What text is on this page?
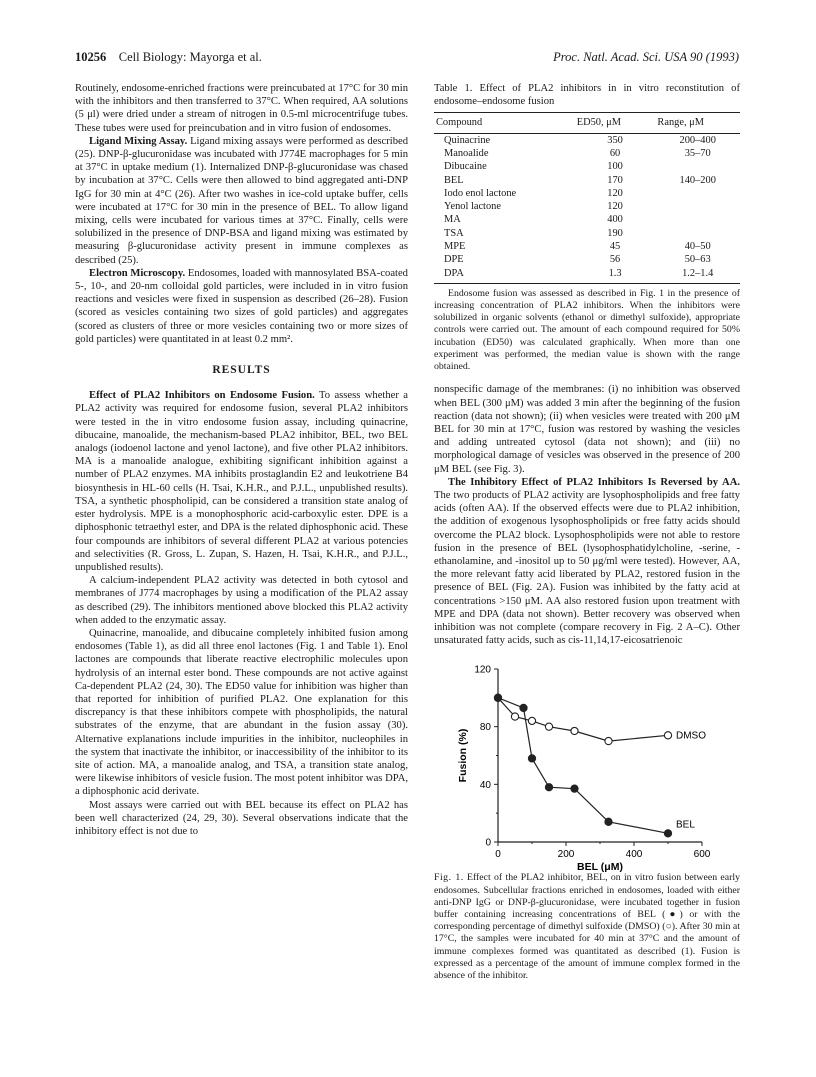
10256 Cell Biology: Mayorga et al.	Proc. Natl. Acad. Sci. USA 90 (1993)

Routinely, endosome-enriched fractions were preincubated at 17°C for 30 min with the inhibitors and then transferred to 37°C. When required, AA solutions (5 μl) were dried under a stream of nitrogen in 0.5-ml microcentrifuge tubes. These tubes were used for preincubation and in vitro fusion of endosomes.

Ligand Mixing Assay. Ligand mixing assays were performed as described (25). DNP-β-glucuronidase was incubated with J774E macrophages for 5 min at 37°C in uptake medium (1). Internalized DNP-β-glucuronidase was chased by incubation at 37°C. Cells were then allowed to bind aggregated anti-DNP IgG for 30 min at 4°C (26). After two washes in ice-cold uptake buffer, cells were incubated at 17°C for 30 min in the presence of BEL. To allow ligand mixing, cells were incubated for various times at 37°C. Finally, cells were solubilized in the presence of DNP-BSA and ligand mixing was estimated by measuring β-glucuronidase activity present in immune complexes as described (25).

Electron Microscopy. Endosomes, loaded with mannosylated BSA-coated 5-, 10-, and 20-nm colloidal gold particles, were included in in vitro fusion reactions and vesicles were fixed in suspension as described (26–28). Fusion (scored as vesicles containing two sizes of gold particles) and aggregates (scored as clusters of three or more vesicles containing two or more sizes of gold particles) were quantitated in at least 0.2 mm².

RESULTS

Effect of PLA2 Inhibitors on Endosome Fusion. To assess whether a PLA2 activity was required for endosome fusion, several PLA2 inhibitors were tested in the in vitro endosome fusion assay, including quinacrine, dibucaine, manoalide, the mechanism-based PLA2 inhibitor, BEL, two BEL analogs (iodoenol lactone and yenol lactone), and five other PLA2 inhibitors. MA is a manoalide analogue, exhibiting significant inhibition against a number of PLA2 enzymes. MA inhibits prostaglandin E2 and leukotriene B4 biosynthesis in HL-60 cells (H. Tsai, K.H.R., and P.J.L., unpublished results). TSA, a synthetic phospholipid, can be considered a transition state analog of ester hydrolysis. MPE is a monophosphoric acid-carboxylic ester. DPE is a diphosphonic tetraethyl ester, and DPA is the related diphosphonic acid. These four compounds are inhibitors of several different PLA2 at various potencies and selectivities (R. Gross, L. Zupan, S. Hazen, H. Tsai, K.H.R., and P.J.L., unpublished results).

A calcium-independent PLA2 activity was detected in both cytosol and membranes of J774 macrophages by using a modification of the PLA2 assay as described (29). The inhibitors mentioned above blocked this PLA2 activity when added to the enzymatic assay.

Quinacrine, manoalide, and dibucaine completely inhibited fusion among endosomes (Table 1), as did all three enol lactones (Fig. 1 and Table 1). Enol lactones are compounds that liberate reactive electrophilic molecules upon hydrolysis of an internal ester bond. These compounds are not active against Ca-dependent PLA2 (24, 30). The ED50 value for inhibition was higher than that reported for inhibition of purified PLA2. One explanation for this discrepancy is that these inhibitors compete with phospholipids, the natural substrates of the enzyme, that are abundant in the fusion assay (30). Alternative explanations include impurities in the inhibitor, nucleophiles in the system that inactivate the inhibitor, or inaccessibility of the inhibitor to its site of action. MA, a manoalide analog, and TSA, a transition state analog, were likewise inhibitors of vesicle fusion. The most potent inhibitor was DPA, a diphosphonic acid derivate.

Most assays were carried out with BEL because its effect on PLA2 has been well characterized (24, 29, 30). Several observations indicate that the inhibitory effect is not due to

Table 1. Effect of PLA2 inhibitors in in vitro reconstitution of endosome–endosome fusion
Compound	ED50, μM	Range, μM
Quinacrine	350	200–400
Manoalide	60	35–70
Dibucaine	100	
BEL	170	140–200
Iodo enol lactone	120	
Yenol lactone	120	
MA	400	
TSA	190	
MPE	45	40–50
DPE	56	50–63
DPA	1.3	1.2–1.4
Endosome fusion was assessed as described in Fig. 1 in the presence of increasing concentration of PLA2 inhibitors. When the inhibitors were solubilized in organic solvents (ethanol or dimethyl sulfoxide), appropriate controls were carried out. The amount of each compound required for 50% incubation (ED50) was calculated graphically. When more than one experiment was performed, the median value is shown with the range obtained.

nonspecific damage of the membranes: (i) no inhibition was observed when BEL (300 μM) was added 3 min after the beginning of the fusion reaction (data not shown); (ii) when vesicles were treated with 200 μM BEL for 30 min at 17°C, fusion was restored by washing the vesicles and adding untreated cytosol (data not shown); and (iii) no morphological damage of vesicles was observed in the presence of 200 μM BEL (see Fig. 3).

The Inhibitory Effect of PLA2 Inhibitors Is Reversed by AA. The two products of PLA2 activity are lysophospholipids and free fatty acids (often AA). If the observed effects were due to PLA2 inhibition, the addition of exogenous lysophospholipids or free fatty acids should overcome the PLA2 block. Lysophospholipids were not able to restore fusion in the presence of BEL (lysophosphatidylcholine, -serine, -ethanolamine, and -inositol up to 50 μg/ml were tested). However, AA, the more relevant fatty acid liberated by PLA2, restored fusion in the presence of BEL (Fig. 2A). Fusion was inhibited by the fatty acid at concentrations >150 μM. AA also restored fusion upon treatment with MPE and DPA (data not shown). Better recovery was observed when inhibition was not complete (compare recovery in Fig. 2 A–C). Other unsaturated fatty acids, such as cis-11,14,17-eicosatrienoic

0
40
80
120
0	200	400	600
BEL (μM)
Fusion (%)	DMSO
BEL
Fig. 1. Effect of the PLA2 inhibitor, BEL, on in vitro fusion between early endosomes. Subcellular fractions enriched in endosomes, loaded with either anti-DNP IgG or DNP-β-glucuronidase, were incubated together in fusion buffer containing increasing concentrations of BEL (●) or with the corresponding percentage of dimethyl sulfoxide (DMSO) (○). After 30 min at 17°C, the samples were incubated for 40 min at 37°C and the amount of immune complexes formed was quantitated as described (1). Fusion is expressed as a percentage of the amount of immune complex formed in the absence of the inhibitor.
